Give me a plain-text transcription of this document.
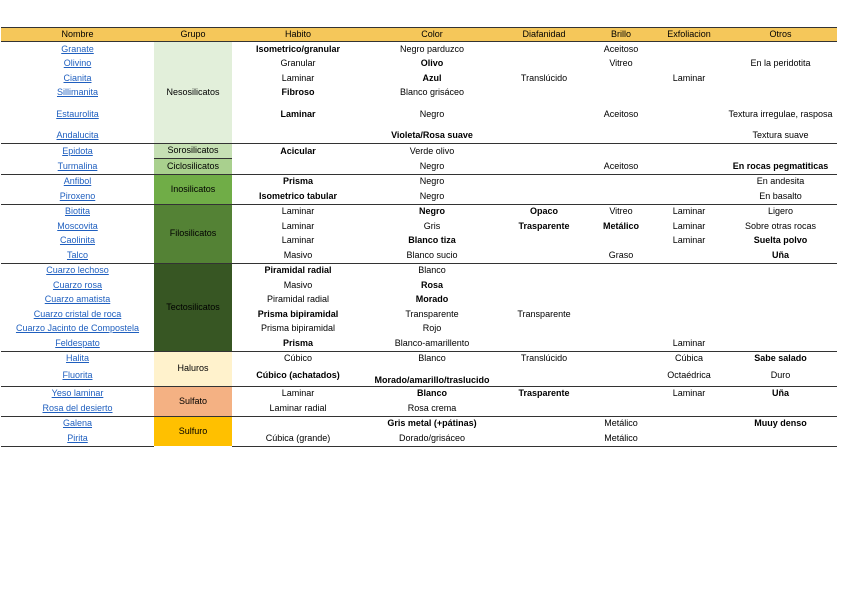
Nombre	Grupo	Habito	Color	Diafanidad	Brillo	Exfoliacion	Otros
Granate	Nesosilicatos	Isometrico/granular	Negro parduzco		Aceitoso		
Olivino		Granular	Olivo		Vitreo		En la peridotita
Cianita		Laminar	Azul	Translúcido		Laminar	
Sillimanita		Fibroso	Blanco grisáceo				
Estaurolita		Laminar	Negro		Aceitoso		Textura irregulae, rasposa
Andalucita			Violeta/Rosa suave				Textura suave
Epidota	Sorosilicatos	Acicular	Verde olivo				
Turmalina	Ciclosilicatos		Negro		Aceitoso		En rocas pegmatiticas
Anfibol	Inosilicatos	Prisma	Negro				En andesita
Piroxeno		Isometrico tabular	Negro				En basalto
Biotita	Filosilicatos	Laminar	Negro	Opaco	Vitreo	Laminar	Ligero
Moscovita		Laminar	Gris	Trasparente	Metálico	Laminar	Sobre otras rocas
Caolinita		Laminar	Blanco tiza			Laminar	Suelta polvo
Talco		Masivo	Blanco sucio		Graso		Uña
Cuarzo lechoso	Tectosilicatos	Piramidal radial	Blanco				
Cuarzo rosa		Masivo	Rosa				
Cuarzo amatista		Piramidal radial	Morado				
Cuarzo cristal de roca		Prisma bipiramidal	Transparente	Transparente			
Cuarzo Jacinto de Compostela		Prisma bipiramidal	Rojo				
Feldespato		Prisma	Blanco-amarillento			Laminar	
Halita	Haluros	Cúbico	Blanco	Translúcido		Cúbica	Sabe salado
Fluorita		Cúbico (achatados)	Morado/amarillo/traslucido			Octaédrica	Duro
Yeso laminar	Sulfato	Laminar	Blanco	Trasparente		Laminar	Uña
Rosa del desierto		Laminar radial	Rosa crema				
Galena	Sulfuro		Gris metal (+pátinas)		Metálico		Muuy denso
Pirita		Cúbica (grande)	Dorado/grisáceo		Metálico		
